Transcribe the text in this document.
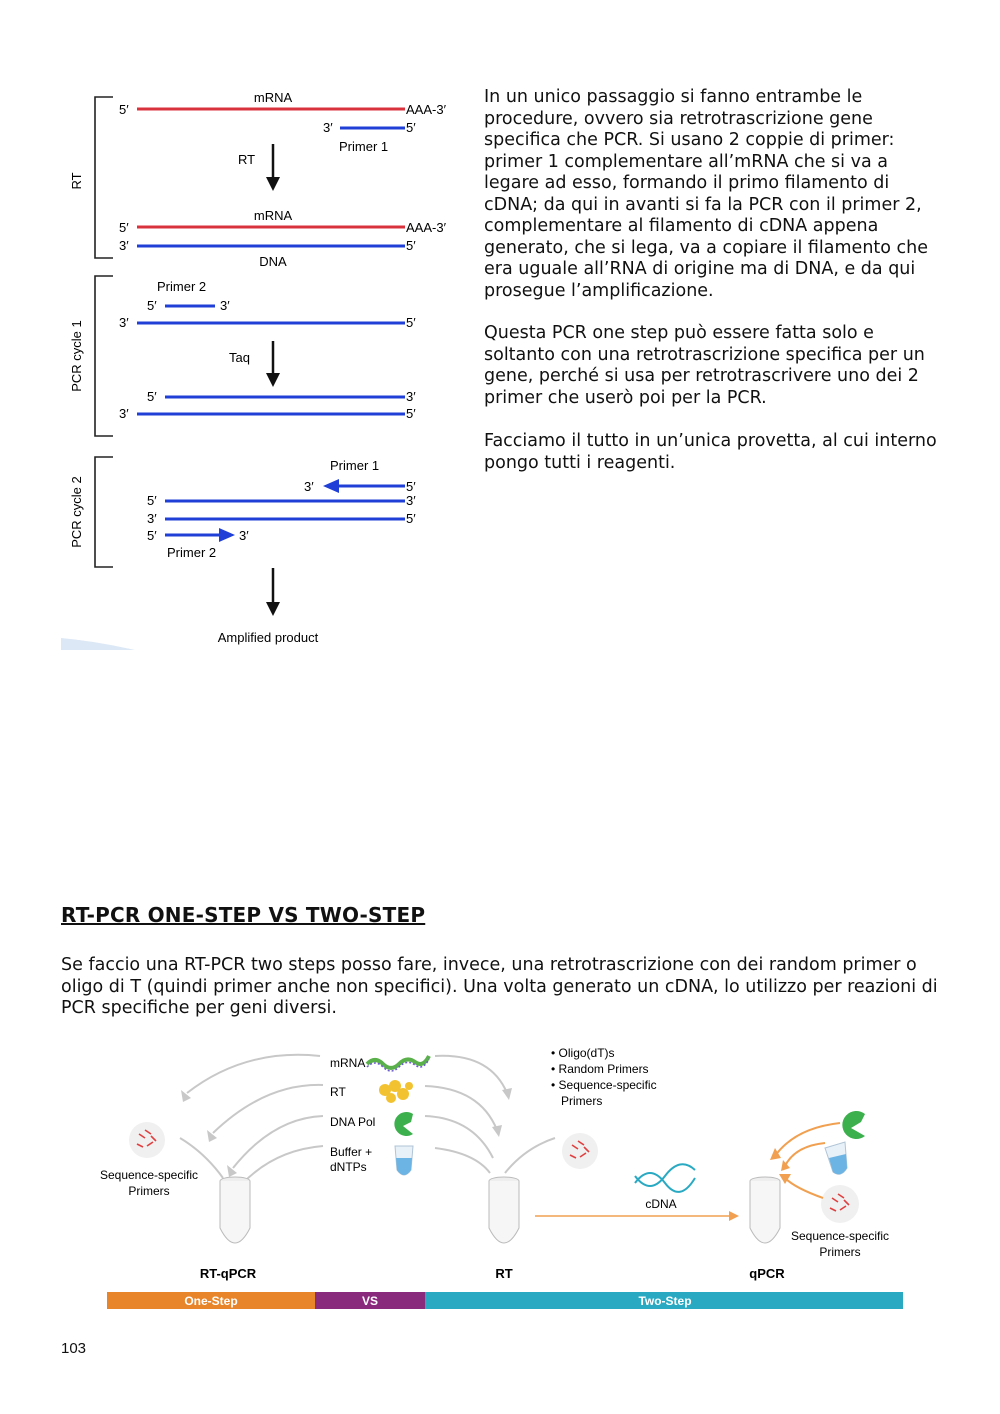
RT
PCR cycle 1
PCR cycle 2
mRNA
5′	AAA-3′
3′	5′
Primer 1
RT
mRNA
5′	AAA-3′
3′	5′
DNA
Primer 2
5′	3′
3′	5′
Taq
5′	3′
3′	5′
Primer 1
3′	5′
5′	3′
3′	5′
5′	3′
Primer 2
Amplified product

In un unico passaggio si fanno entrambe le procedure, ovvero sia retrotrascrizione gene specifica che PCR. Si usano 2 coppie di primer: primer 1 complementare all’mRNA che si va a legare ad esso, formando il primo filamento di cDNA; da qui in avanti si fa la PCR con il primer 2, complementare al filamento di cDNA appena generato, che si lega, va a copiare il filamento che era uguale all’RNA di origine ma di DNA, e da qui prosegue l’amplificazione.

Questa PCR one step può essere fatta solo e soltanto con una retrotrascrizione specifica per un gene, perché si usa per retrotrascrivere uno dei 2 primer che userò poi per la PCR.

Facciamo il tutto in un’unica provetta, al cui interno pongo tutti i reagenti.

RT-PCR ONE-STEP VS TWO-STEP

Se faccio una RT-PCR two steps posso fare, invece, una retrotrascrizione con dei random primer o oligo di T (quindi primer anche non specifici). Una volta generato un cDNA, lo utilizzo per reazioni di PCR specifiche per geni diversi.

mRNA
RT
DNA Pol
Buffer +
dNTPs
• Oligo(dT)s
• Random Primers
• Sequence-specific
Primers
Sequence-specific
Primers
RT-qPCR	RT	qPCR
cDNA
Sequence-specific
Primers
One-Step	VS	Two-Step
103
